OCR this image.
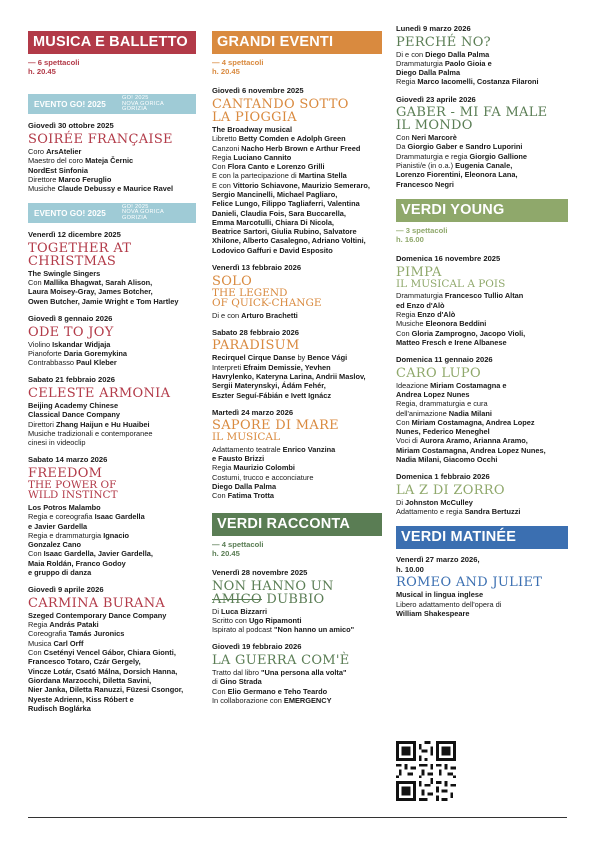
MUSICA E BALLETTO
— 6 spettacoli
h. 20.45
EVENTO GO! 2025
GO! 2025
NOVA GORICA
GORIZIA
Giovedì 30 ottobre 2025
SOIRÉE FRANÇAISE
Coro ArsAtelier
Maestro del coro Mateja Černic
NordEst Sinfonia
Direttore Marco Feruglio
Musiche Claude Debussy e Maurice Ravel
EVENTO GO! 2025
GO! 2025
NOVA GORICA
GORIZIA
Venerdì 12 dicembre 2025
TOGETHER AT
CHRISTMAS
The Swingle Singers
Con Mallika Bhagwat, Sarah Alison,
Laura Moisey-Gray, James Botcher,
Owen Butcher, Jamie Wright e Tom Hartley
Giovedì 8 gennaio 2026
ODE TO JOY
Violino Iskandar Widjaja
Pianoforte Daria Goremykina
Contrabbasso Paul Kleber
Sabato 21 febbraio 2026
CELESTE ARMONIA
Beijing Academy Chinese
Classical Dance Company
Direttori Zhang Haijun e Hu Huaibei
Musiche tradizionali e contemporanee
cinesi in videoclip
Sabato 14 marzo 2026
FREEDOM
THE POWER OF
WILD INSTINCT
Los Potros Malambo
Regia e coreografia Isaac Gardella
e Javier Gardella
Regia e drammaturgia Ignacio
Gonzalez Cano
Con Isaac Gardella, Javier Gardella,
Maia Roldán, Franco Godoy
e gruppo di danza
Giovedì 9 aprile 2026
CARMINA BURANA
Szeged Contemporary Dance Company
Regia András Pataki
Coreografia Tamás Juronics
Musica Carl Orff
Con Csetényi Vencel Gábor, Chiara Gionti,
Francesco Totaro, Czár Gergely,
Vinczе Lotár, Csató Málna, Dorsich Hanna,
Giordana Marzocchi, Diletta Savini,
Nier Janka, Diletta Ranuzzi, Füzesi Csongor,
Nyeste Adrienn, Kiss Róbert e
Rudisch Boglárka
GRANDI EVENTI
— 4 spettacoli
h. 20.45
Giovedì 6 novembre 2025
CANTANDO SOTTO
LA PIOGGIA
The Broadway musical
Libretto Betty Comden e Adolph Green
Canzoni Nacho Herb Brown e Arthur Freed
Regia Luciano Cannito
Con Flora Canto e Lorenzo Grilli
E con la partecipazione di Martina Stella
E con Vittorio Schiavone, Maurizio Semeraro,
Sergio Mancinelli, Michael Pagliaro,
Felice Lungo, Filippo Tagliaferri, Valentina
Danieli, Claudia Fois, Sara Buccarella,
Emma Marcotulli, Chiara Di Nicola,
Beatrice Sartori, Giulia Rubino, Salvatore
Xhilone, Alberto Casalegno, Adriano Voltini,
Lodovico Gaffuri e David Esposito
Venerdì 13 febbraio 2026
SOLO
THE LEGEND
OF QUICK-CHANGE
Di e con Arturo Brachetti
Sabato 28 febbraio 2026
PARADISUM
Recirquel Cirque Danse by Bence Vági
Interpreti Efraim Demissie, Yevhen
Havrylenko, Kateryna Larina, Andrii Maslov,
Sergii Materynskyi, Ádám Fehér,
Eszter Seguí-Fábián e Ivett Ignácz
Martedì 24 marzo 2026
SAPORE DI MARE
IL MUSICAL
Adattamento teatrale Enrico Vanzina
e Fausto Brizzi
Regia Maurizio Colombi
Costumi, trucco e acconciature
Diego Dalla Palma
Con Fatima Trotta
VERDI RACCONTA
— 4 spettacoli
h. 20.45
Venerdì 28 novembre 2025
NON HANNO UN
AMICO DUBBIO
Di Luca Bizzarri
Scritto con Ugo Ripamonti
Ispirato al podcast "Non hanno un amico"
Giovedì 19 febbraio 2026
LA GUERRA COM'È
Tratto dal libro "Una persona alla volta"
di Gino Strada
Con Elio Germano e Teho Teardo
In collaborazione con EMERGENCY
Lunedì 9 marzo 2026
PERCHÉ NO?
Di e con Diego Dalla Palma
Drammaturgia Paolo Gioia e
Diego Dalla Palma
Regia Marco Iacomelli, Costanza Filaroni
Giovedì 23 aprile 2026
GABER - MI FA MALE
IL MONDO
Con Neri Marcorè
Da Giorgio Gaber e Sandro Luporini
Drammaturgia e regia Giorgio Gallione
Pianisti/e (in o.a.) Eugenia Canale,
Lorenzo Fiorentini, Eleonora Lana,
Francesco Negri
VERDI YOUNG
— 3 spettacoli
h. 16.00
Domenica 16 novembre 2025
PIMPA
IL MUSICAL A POIS
Drammaturgia Francesco Tullio Altan
ed Enzo d'Alò
Regia Enzo d'Alò
Musiche Eleonora Beddini
Con Gloria Zamprogno, Jacopo Violi,
Matteo Fresch e Irene Albanese
Domenica 11 gennaio 2026
CARO LUPO
Ideazione Miriam Costamagna e
Andrea Lopez Nunes
Regia, drammaturgia e cura
dell'animazione Nadia Milani
Con Miriam Costamagna, Andrea Lopez
Nunes, Federico Meneghel
Voci di Aurora Aramo, Arianna Aramo,
Miriam Costamagna, Andrea Lopez Nunes,
Nadia Milani, Giacomo Occhi
Domenica 1 febbraio 2026
LA Z DI ZORRO
Di Johnston McCulley
Adattamento e regia Sandra Bertuzzi
VERDI MATINÉE
Venerdì 27 marzo 2026,
h. 10.00
ROMEO AND JULIET
Musical in lingua inglese
Libero adattamento dell'opera di
William Shakespeare
